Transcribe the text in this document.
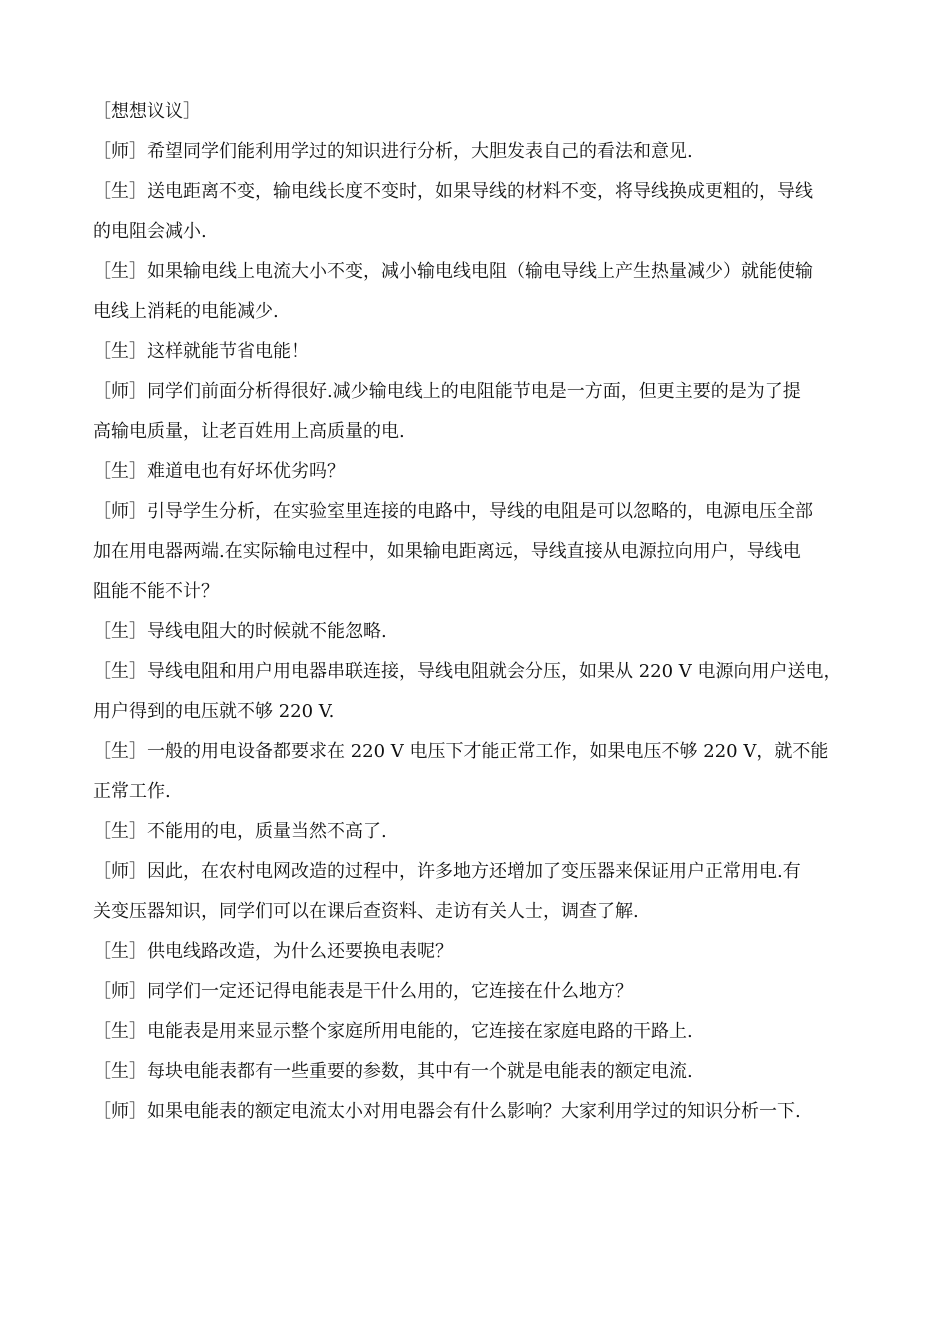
［想想议议］
［师］希望同学们能利用学过的知识进行分析，大胆发表自己的看法和意见.
［生］送电距离不变，输电线长度不变时，如果导线的材料不变，将导线换成更粗的，导线
的电阻会减小.
［生］如果输电线上电流大小不变，减小输电线电阻（输电导线上产生热量减少）就能使输
电线上消耗的电能减少.
［生］这样就能节省电能！
［师］同学们前面分析得很好.减少输电线上的电阻能节电是一方面，但更主要的是为了提
高输电质量，让老百姓用上高质量的电.
［生］难道电也有好坏优劣吗？
［师］引导学生分析，在实验室里连接的电路中，导线的电阻是可以忽略的，电源电压全部
加在用电器两端.在实际输电过程中，如果输电距离远，导线直接从电源拉向用户，导线电
阻能不能不计？
［生］导线电阻大的时候就不能忽略.
［生］导线电阻和用户用电器串联连接，导线电阻就会分压，如果从 220 V 电源向用户送电，
用户得到的电压就不够 220 V.
［生］一般的用电设备都要求在 220 V 电压下才能正常工作，如果电压不够 220 V，就不能
正常工作.
［生］不能用的电，质量当然不高了.
［师］因此，在农村电网改造的过程中，许多地方还增加了变压器来保证用户正常用电.有
关变压器知识，同学们可以在课后查资料、走访有关人士，调查了解.
［生］供电线路改造，为什么还要换电表呢？
［师］同学们一定还记得电能表是干什么用的，它连接在什么地方？
［生］电能表是用来显示整个家庭所用电能的，它连接在家庭电路的干路上.
［生］每块电能表都有一些重要的参数，其中有一个就是电能表的额定电流.
［师］如果电能表的额定电流太小对用电器会有什么影响？大家利用学过的知识分析一下.
